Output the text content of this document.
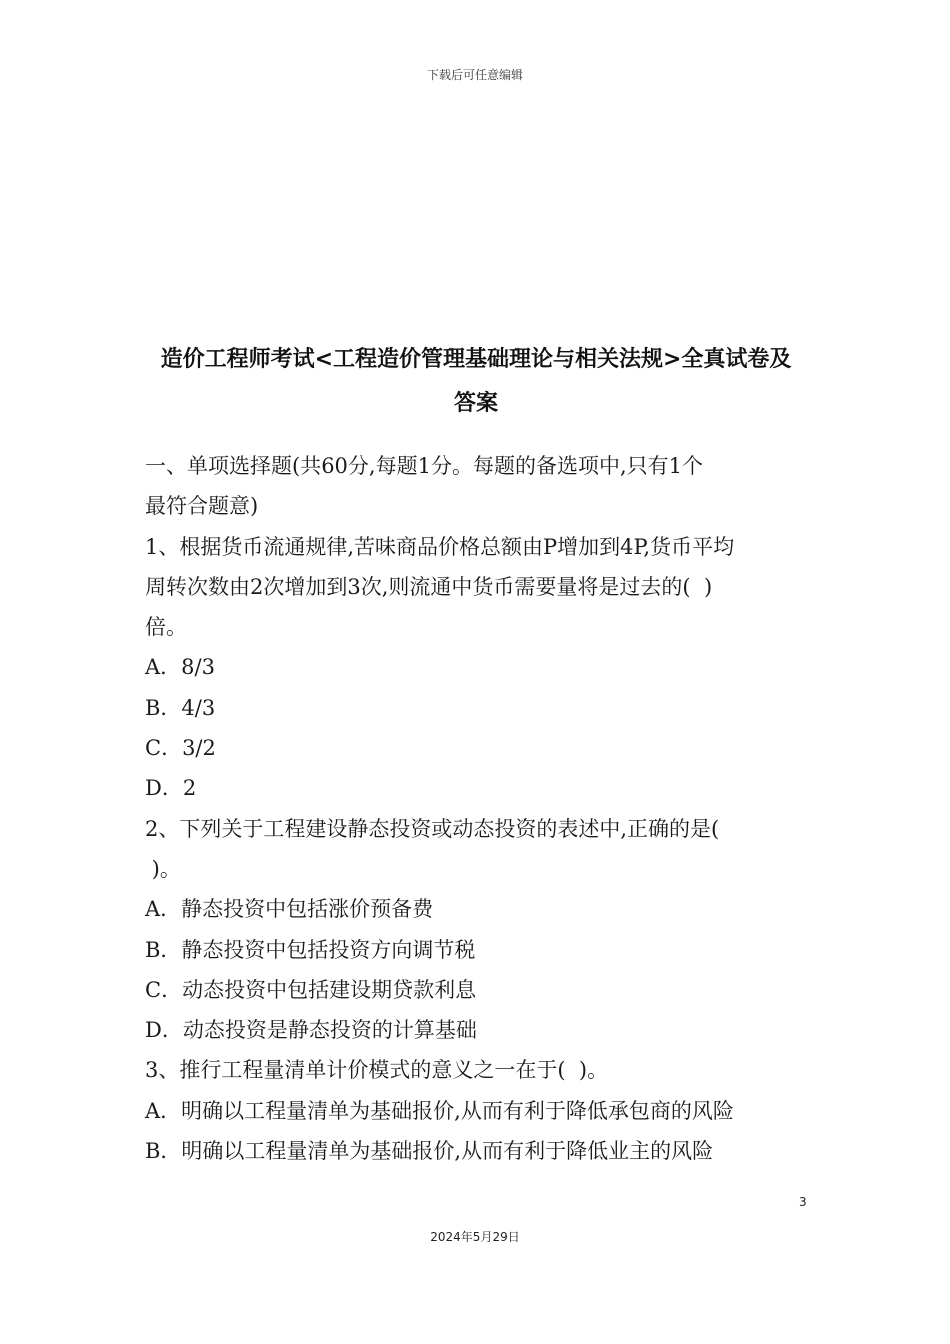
下载后可任意编辑
造价工程师考试<工程造价管理基础理论与相关法规>全真试卷及
答案
一、单项选择题(共60分,每题1分。每题的备选项中,只有1个
最符合题意)
1、根据货币流通规律,苦味商品价格总额由P增加到4P,货币平均
周转次数由2次增加到3次,则流通中货币需要量将是过去的(  )
倍。
A．8/3
B．4/3
C．3/2
D．2
2、下列关于工程建设静态投资或动态投资的表述中,正确的是(
)。
A．静态投资中包括涨价预备费
B．静态投资中包括投资方向调节税
C．动态投资中包括建设期贷款利息
D．动态投资是静态投资的计算基础
3、推行工程量清单计价模式的意义之一在于(  )。
A．明确以工程量清单为基础报价,从而有利于降低承包商的风险
B．明确以工程量清单为基础报价,从而有利于降低业主的风险
3
2024年5月29日
